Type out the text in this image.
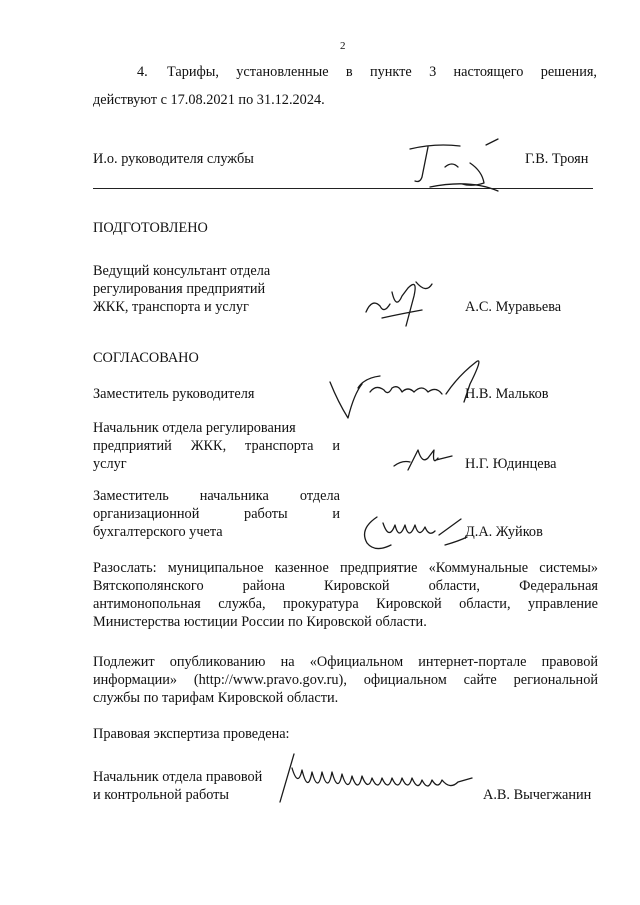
2
4. Тарифы, установленные в пункте 3 настоящего решения,
действуют с 17.08.2021 по 31.12.2024.
И.о. руководителя службы	Г.В. Троян
ПОДГОТОВЛЕНО
Ведущий консультант отдела
регулирования предприятий
ЖКК, транспорта и услуг	А.С. Муравьева
СОГЛАСОВАНО
Заместитель руководителя	Н.В. Мальков
Начальник отдела регулирования
предприятий ЖКК, транспорта и
услуг	Н.Г. Юдинцева
Заместитель начальника отдела
организационной работы и
бухгалтерского учета	Д.А. Жуйков
Разослать: муниципальное казенное предприятие «Коммунальные системы»
Вятскополянского района Кировской области, Федеральная
антимонопольная служба, прокуратура Кировской области, управление
Министерства юстиции России по Кировской области.
Подлежит опубликованию на «Официальном интернет-портале правовой
информации» (http://www.pravo.gov.ru), официальном сайте региональной
службы по тарифам Кировской области.
Правовая экспертиза проведена:
Начальник отдела правовой
и контрольной работы	А.В. Вычегжанин
